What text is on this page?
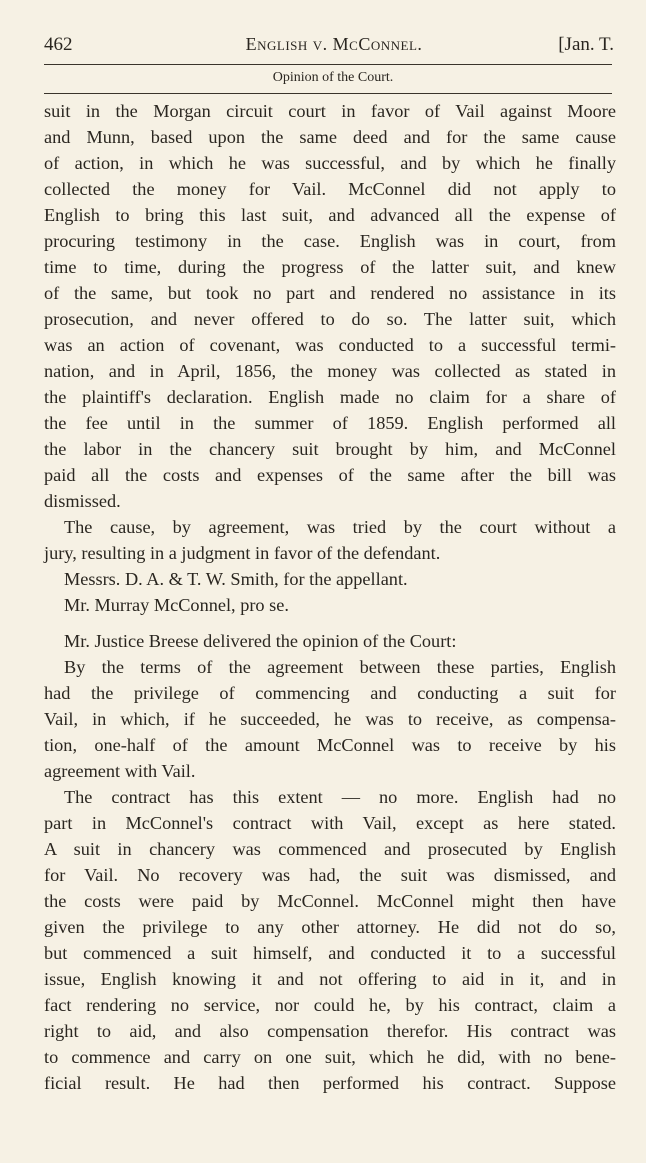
462	English v. McConnel.	[Jan. T.
Opinion of the Court.
suit in the Morgan circuit court in favor of Vail against Moore
and Munn, based upon the same deed and for the same cause
of action, in which he was successful, and by which he finally
collected the money for Vail. McConnel did not apply to
English to bring this last suit, and advanced all the expense of
procuring testimony in the case. English was in court, from
time to time, during the progress of the latter suit, and knew
of the same, but took no part and rendered no assistance in its
prosecution, and never offered to do so. The latter suit, which
was an action of covenant, was conducted to a successful termi-
nation, and in April, 1856, the money was collected as stated in
the plaintiff's declaration. English made no claim for a share of
the fee until in the summer of 1859. English performed all
the labor in the chancery suit brought by him, and McConnel
paid all the costs and expenses of the same after the bill was
dismissed.
The cause, by agreement, was tried by the court without a
jury, resulting in a judgment in favor of the defendant.
Messrs. D. A. & T. W. Smith, for the appellant.
Mr. Murray McConnel, pro se.
Mr. Justice Breese delivered the opinion of the Court:
By the terms of the agreement between these parties, English
had the privilege of commencing and conducting a suit for
Vail, in which, if he succeeded, he was to receive, as compensa-
tion, one-half of the amount McConnel was to receive by his
agreement with Vail.
The contract has this extent — no more. English had no
part in McConnel's contract with Vail, except as here stated.
A suit in chancery was commenced and prosecuted by English
for Vail. No recovery was had, the suit was dismissed, and
the costs were paid by McConnel. McConnel might then have
given the privilege to any other attorney. He did not do so,
but commenced a suit himself, and conducted it to a successful
issue, English knowing it and not offering to aid in it, and in
fact rendering no service, nor could he, by his contract, claim a
right to aid, and also compensation therefor. His contract was
to commence and carry on one suit, which he did, with no bene-
ficial result. He had then performed his contract. Suppose
